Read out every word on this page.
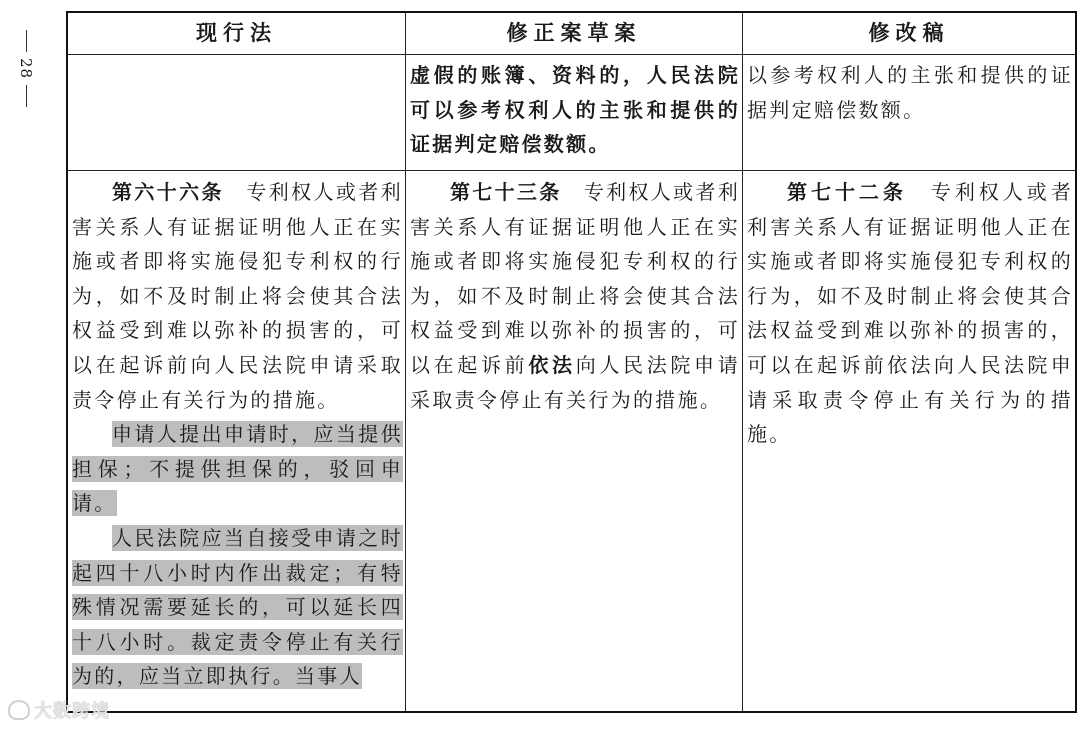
28
现行法	修正案草案	修改稿

虚假的账簿、资料的，人民法院可以参考权利人的主张和提供的证据判定赔偿数额。

以参考权利人的主张和提供的证据判定赔偿数额。

第六十六条　 专利权人或者利害关系人有证据证明他人正在实施或者即将实施侵犯专利权的行为，如不及时制止将会使其合法权益受到难以弥补的损害的，可以在起诉前向人民法院申请采取责令停止有关行为的措施。

申请人提出申请时，应当提供担保；不提供担保的，驳回申请。

人民法院应当自接受申请之时起四十八小时内作出裁定；有特殊情况需要延长的，可以延长四十八小时。裁定责令停止有关行为的，应当立即执行。当事人

第七十三条　 专利权人或者利害关系人有证据证明他人正在实施或者即将实施侵犯专利权的行为，如不及时制止将会使其合法权益受到难以弥补的损害的，可以在起诉前依法向人民法院申请采取责令停止有关行为的措施。

第七十二条　 专利权人或者利害关系人有证据证明他人正在实施或者即将实施侵犯专利权的行为，如不及时制止将会使其合法权益受到难以弥补的损害的，可以在起诉前依法向人民法院申请采取责令停止有关行为的措施。

大数跨境
